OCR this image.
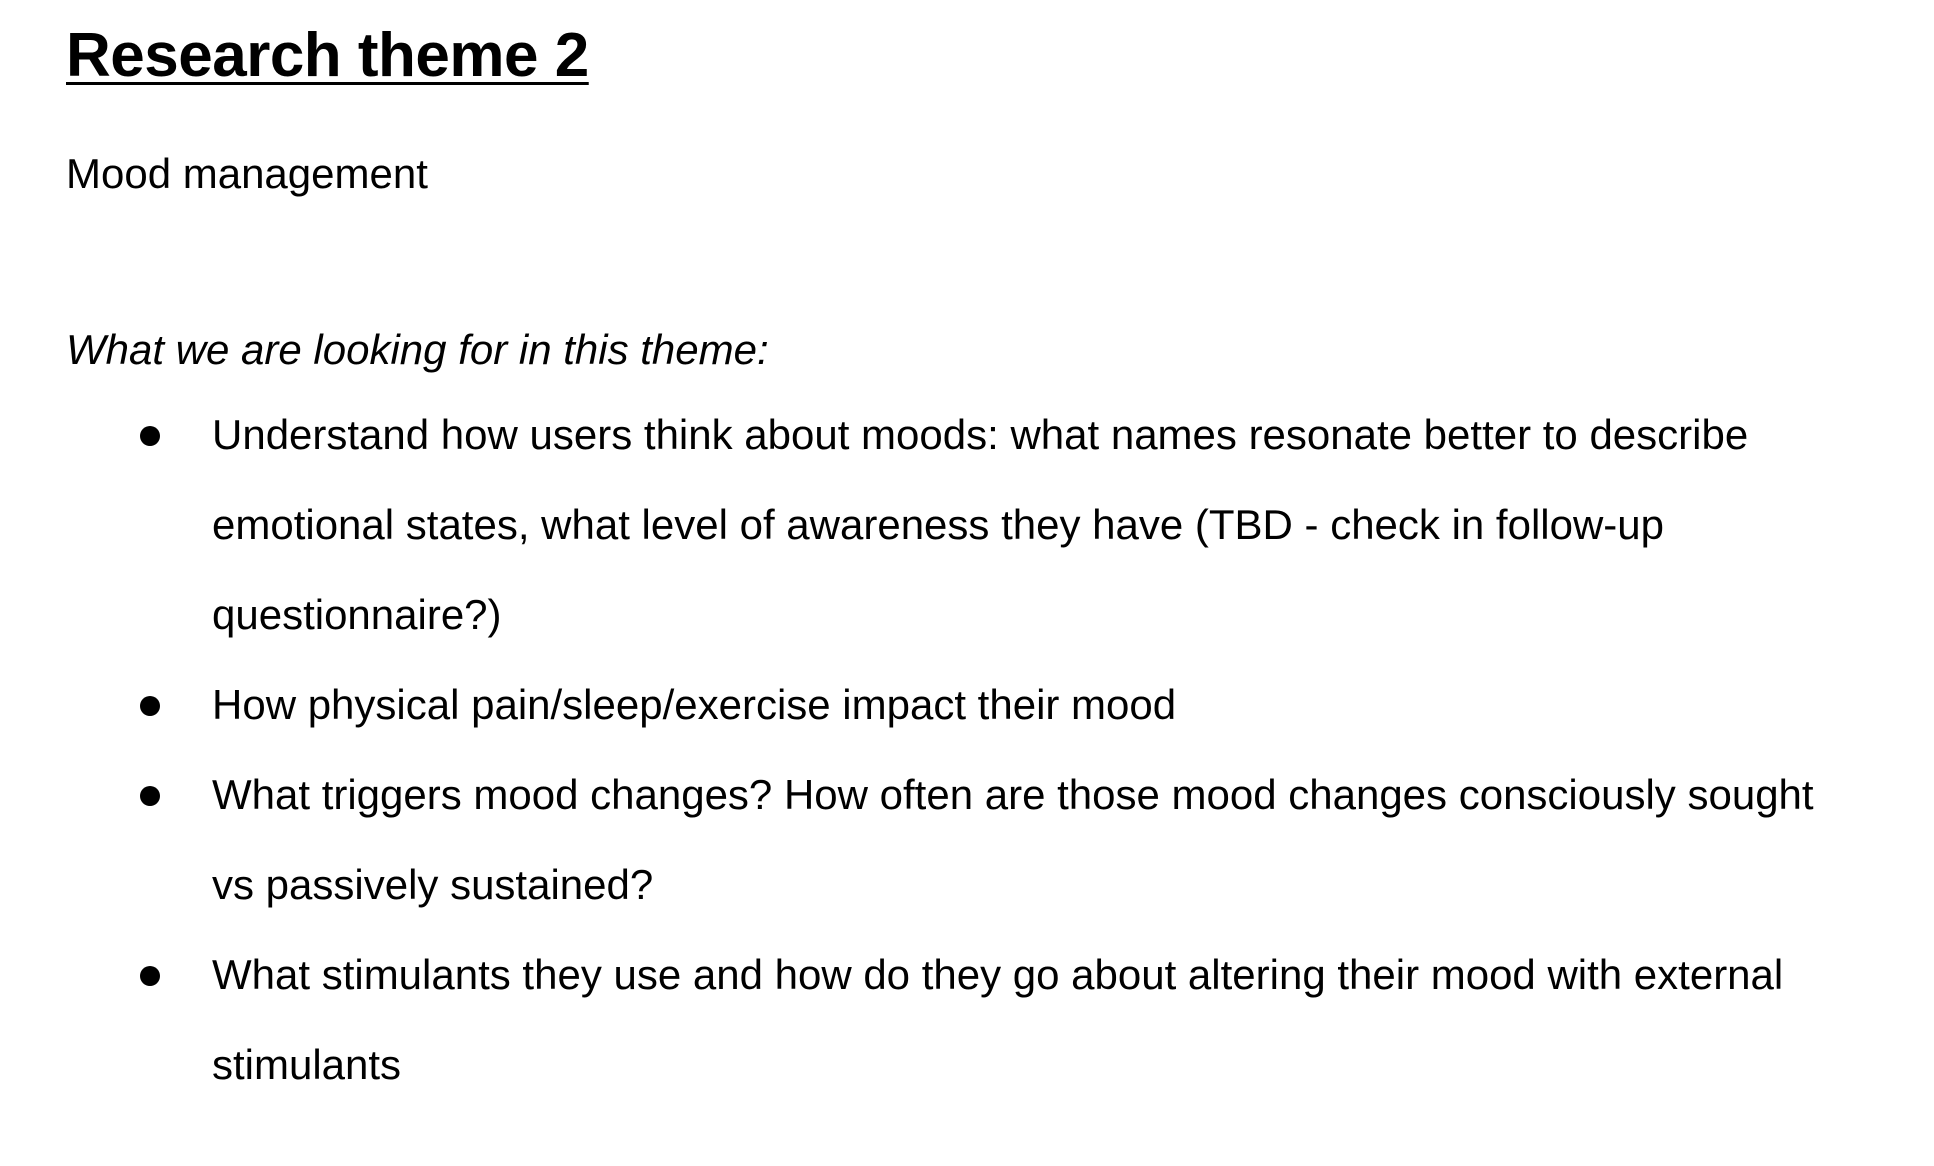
Research theme 2

Mood management

What we are looking for in this theme:

Understand how users think about moods: what names resonate better to describe emotional states, what level of awareness they have (TBD - check in follow-up questionnaire?)
How physical pain/sleep/exercise impact their mood
What triggers mood changes? How often are those mood changes consciously sought vs passively sustained?
What stimulants they use and how do they go about altering their mood with external stimulants
